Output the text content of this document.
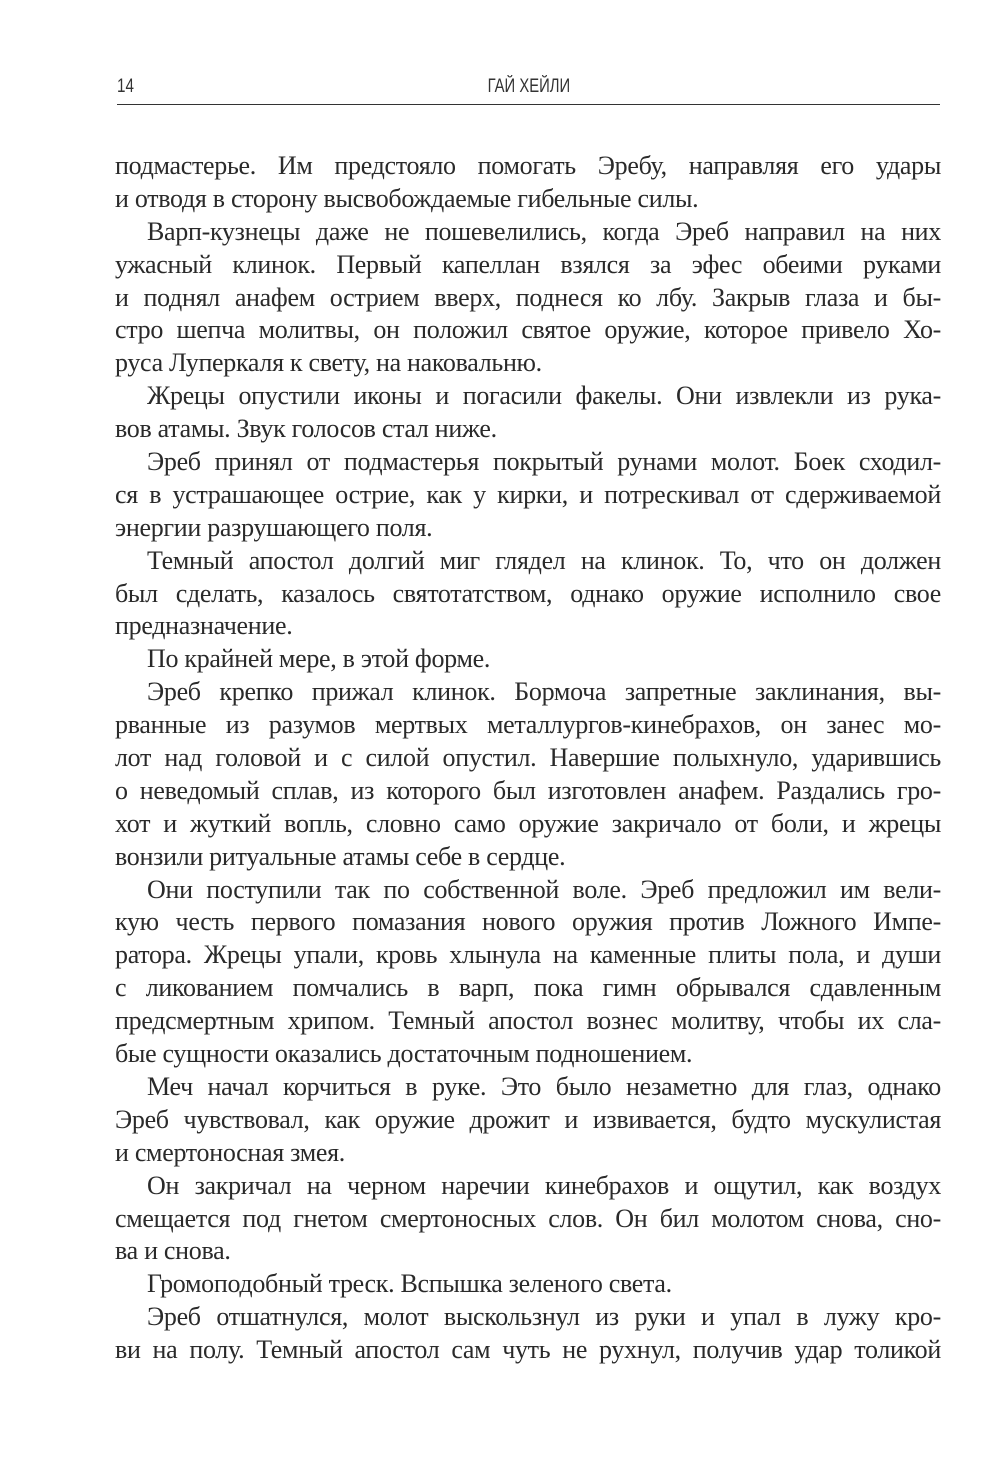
14	ГАЙ ХЕЙЛИ
подмастерье. Им предстояло помогать Эребу, направляя его удары
и отводя в сторону высвобождаемые гибельные силы.
Варп-кузнецы даже не пошевелились, когда Эреб направил на них
ужасный клинок. Первый капеллан взялся за эфес обеими руками
и поднял анафем острием вверх, поднеся ко лбу. Закрыв глаза и бы-
стро шепча молитвы, он положил святое оружие, которое привело Хо-
руса Луперкаля к свету, на наковальню.
Жрецы опустили иконы и погасили факелы. Они извлекли из рука-
вов атамы. Звук голосов стал ниже.
Эреб принял от подмастерья покрытый рунами молот. Боек сходил-
ся в устрашающее острие, как у кирки, и потрескивал от сдерживаемой
энергии разрушающего поля.
Темный апостол долгий миг глядел на клинок. То, что он должен
был сделать, казалось святотатством, однако оружие исполнило свое
предназначение.
По крайней мере, в этой форме.
Эреб крепко прижал клинок. Бормоча запретные заклинания, вы-
рванные из разумов мертвых металлургов-кинебрахов, он занес мо-
лот над головой и с силой опустил. Навершие полыхнуло, ударившись
о неведомый сплав, из которого был изготовлен анафем. Раздались гро-
хот и жуткий вопль, словно само оружие закричало от боли, и жрецы
вонзили ритуальные атамы себе в сердце.
Они поступили так по собственной воле. Эреб предложил им вели-
кую честь первого помазания нового оружия против Ложного Импе-
ратора. Жрецы упали, кровь хлынула на каменные плиты пола, и души
с ликованием помчались в варп, пока гимн обрывался сдавленным
предсмертным хрипом. Темный апостол вознес молитву, чтобы их сла-
бые сущности оказались достаточным подношением.
Меч начал корчиться в руке. Это было незаметно для глаз, однако
Эреб чувствовал, как оружие дрожит и извивается, будто мускулистая
и смертоносная змея.
Он закричал на черном наречии кинебрахов и ощутил, как воздух
смещается под гнетом смертоносных слов. Он бил молотом снова, сно-
ва и снова.
Громоподобный треск. Вспышка зеленого света.
Эреб отшатнулся, молот выскользнул из руки и упал в лужу кро-
ви на полу. Темный апостол сам чуть не рухнул, получив удар толикой
